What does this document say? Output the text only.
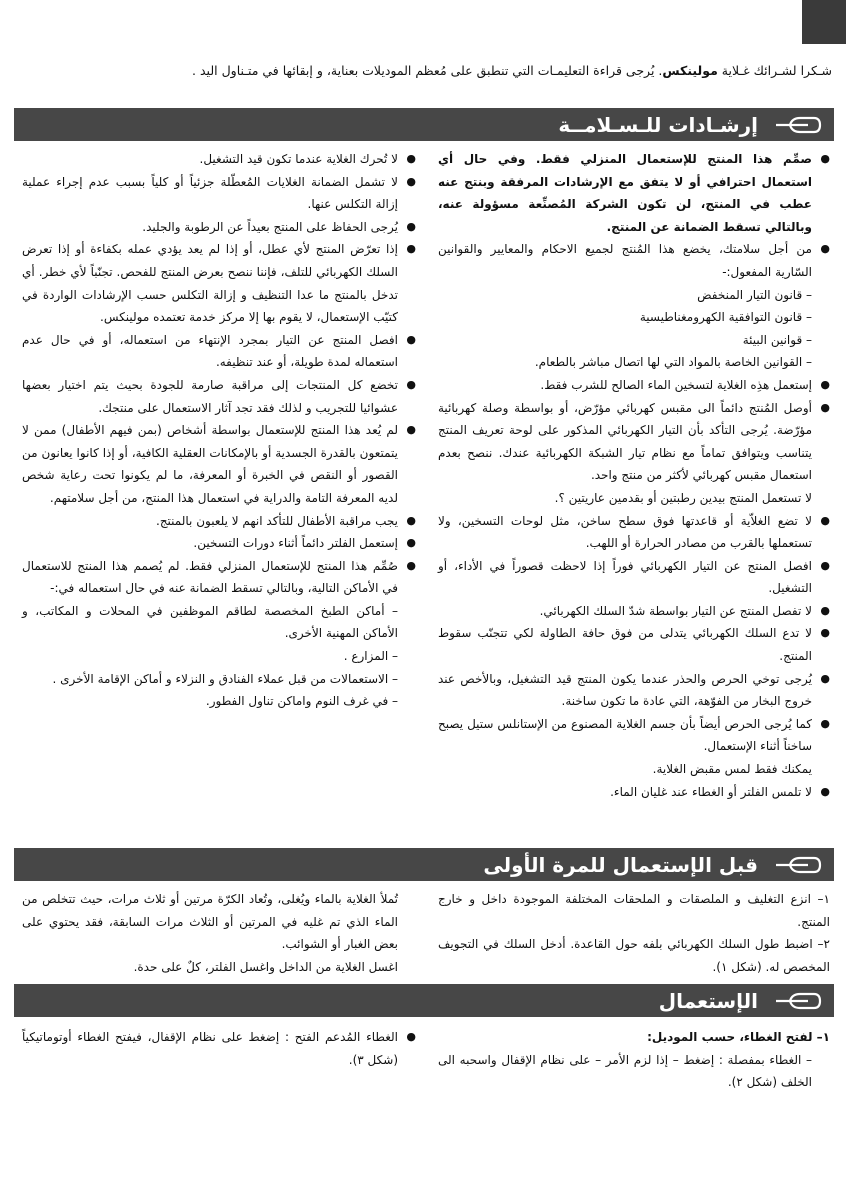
شـكرا لشـرائك غـلاية مولينكس. يُرجى قراءة التعليمـات التي تنطبق على مُعظم الموديلات بعناية، و إبقائها في متـناول اليد .
إرشـادات للـسـلامــة
● صمِّم هذا المنتج للإستعمال المنزلي فقط. وفي حال أي استعمال احترافي أو لا يتفق مع الإرشادات المرفقة وبنتج عنه عطب في المنتج، لن تكون الشركة المُصنِّعة مسؤولة عنه، وبالتالي تسقط الضمانة عن المنتج.
● من أجل سلامتك، يخضع هذا المُنتج لجميع الاحكام والمعايير والقوانين السّارية المفعول:-
– قانون التيار المنخفض
– قانون التوافقية الكهرومغناطيسية
– قوانين البيئة
– القوانين الخاصة بالمواد التي لها اتصال مباشر بالطعام.
● إستعمل هذِه الغلاية لتسخين الماء الصالح للشرب فقط.
● أوصل المُنتج دائماً الى مقبس كهربائي مؤرّض، أو بواسطة وصلة كهربائية مؤرّضة. يُرجى التأكد بأن التيار الكهربائي المذكور على لوحة تعريف المنتج يتناسب ويتوافق تماماً مع نظام تيار الشبكة الكهربائية عندك. ننصح بعدم استعمال مقبس كهربائي لأكثر من منتج واحد.
لا تستعمل المنتج بيدين رطبتين أو بقدمين عاريتين ؟.
● لا تضع الغلاّية أو قاعدتها فوق سطح ساخن، مثل لوحات التسخين، ولا تستعملها بالقرب من مصادر الحرارة أو اللهب.
● افصل المنتج عن التيار الكهربائي فوراً إذا لاحظت قصوراً في الأداء، أو التشغيل.
● لا تفصل المنتج عن التيار بواسطة شدّ السلك الكهربائي.
● لا تدع السلك الكهربائي يتدلى من فوق حافة الطاولة لكي تتجنّب سقوط المنتج.
● يُرجى توخي الحرص والحذر عندما يكون المنتج قيد التشغيل، وبالأخص عند خروج البخار من الفوّهة، التي عادة ما تكون ساخنة.
● كما يُرجى الحرص أيضاً بأن جسم الغلاية المصنوع من الإستانلس ستيل يصبح ساخناً أثناء الإستعمال.
يمكنك فقط لمس مقبض الغلاية.
● لا تلمس الفلتر أو الغطاء عند غليان الماء.
● لا تُحرك الغلاية عندما تكون قيد التشغيل.
● لا تشمل الضمانة الغلايات المُعطّلة جزئياً أو كلياً بسبب عدم إجراء عملية إزالة التكلس عنها.
● يُرجى الحفاظ على المنتج بعيداً عن الرطوبة والجليد.
● إذا تعرّض المنتج لأي عطل، أو إذا لم يعد يؤدي عمله بكفاءة أو إذا تعرض السلك الكهربائي للتلف، فإننا ننصح بعرض المنتج للفحص. تجنّباً لأي خطر. أي تدخل بالمنتج ما عدا التنظيف و إزالة التكلس حسب الإرشادات الواردة في كتيّب الإستعمال، لا يقوم بها إلا مركز خدمة تعتمده مولينكس.
● افصل المنتج عن التيار بمجرد الإنتهاء من استعماله، أو في حال عدم استعماله لمدة طويلة، أو عند تنظيفه.
● تخضع كل المنتجات إلى مراقبة صارمة للجودة بحيث يتم اختيار بعضها عشوائيا للتجريب و لذلك فقد تجد آثار الاستعمال على منتجك.
● لم يُعد هذا المنتج للإستعمال بواسطة أشخاص (بمن فيهم الأطفال) ممن لا يتمتعون بالقدرة الجسدية أو بالإمكانات العقلية الكافية، أو إذا كانوا يعانون من القصور أو النقص في الخبرة أو المعرفة، ما لم يكونوا تحت رعاية شخص لديه المعرفة التامة والدراية في استعمال هذا المنتج، من أجل سلامتهم.
● يجب مراقبة الأطفال للتأكد انهم لا يلعبون بالمنتج.
● إستعمل الفلتر دائماً أثناء دورات التسخين.
● صُمِّم هذا المنتج للإستعمال المنزلي فقط. لم يُصمم هذا المنتج للاستعمال في الأماكن التالية، وبالتالي تسقط الضمانة عنه في حال استعماله في:-
– أماكن الطبخ المخصصة لطاقم الموظفين في المحلات و المكاتب، و الأماكن المهنية الأخرى.
– المزارع .
– الاستعمالات من قبل عملاء الفنادق و النزلاء و أماكن الإقامة الأخرى .
– في غرف النوم واماكن تناول الفطور.
قبل الإستعمال للمرة الأولى
١– انزع التغليف و الملصقات و الملحقات المختلفة الموجودة داخل و خارج المنتج.
٢– اضبط طول السلك الكهربائي بلفه حول القاعدة. أدخل السلك في التجويف المخصص له. (شكل ١).
تُملأ الغلاية بالماء ويُغلى، وتُعاد الكرّة مرتين أو ثلاث مرات، حيث تتخلص من الماء الذي تم غليه في المرتين أو الثلاث مرات السابقة، فقد يحتوي على بعض الغبار أو الشوائب.
اغسل الغلاية من الداخل واغسل الفلتر، كلٌ على حدة.
الإستعمال
١– لفتح الغطاء، حسب الموديل:
– الغطاء بمفصلة : إضغط – إذا لزم الأمر – على نظام الإقفال واسحبه الى الخلف (شكل ٢).
● الغطاء المُدعم الفتح : إضغط على نظام الإقفال، فيفتح الغطاء أوتوماتيكياً (شكل ٣).
